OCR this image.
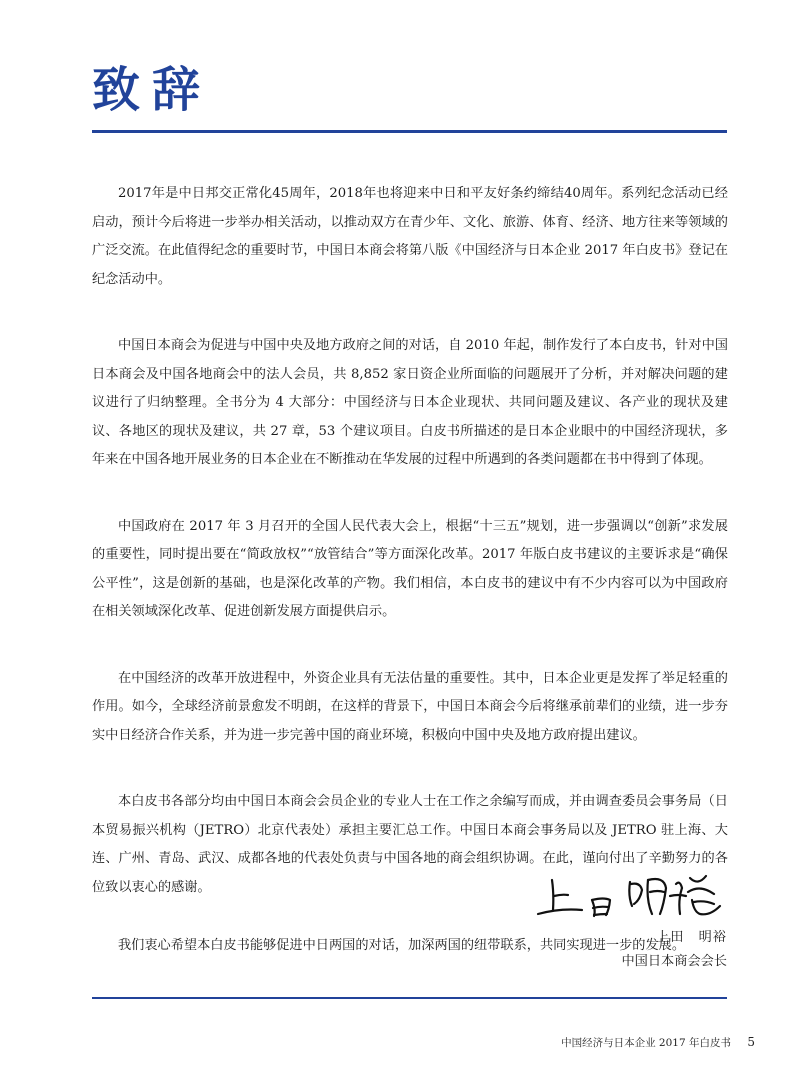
致辞

2017年是中日邦交正常化45周年，2018年也将迎来中日和平友好条约缔结40周年。系列纪念活动已经启动，预计今后将进一步举办相关活动，以推动双方在青少年、文化、旅游、体育、经济、地方往来等领域的广泛交流。在此值得纪念的重要时节，中国日本商会将第八版《中国经济与日本企业 2017 年白皮书》登记在纪念活动中。

中国日本商会为促进与中国中央及地方政府之间的对话，自 2010 年起，制作发行了本白皮书，针对中国日本商会及中国各地商会中的法人会员，共 8,852 家日资企业所面临的问题展开了分析，并对解决问题的建议进行了归纳整理。全书分为 4 大部分：中国经济与日本企业现状、共同问题及建议、各产业的现状及建议、各地区的现状及建议，共 27 章，53 个建议项目。白皮书所描述的是日本企业眼中的中国经济现状，多年来在中国各地开展业务的日本企业在不断推动在华发展的过程中所遇到的各类问题都在书中得到了体现。

中国政府在 2017 年 3 月召开的全国人民代表大会上，根据“十三五”规划，进一步强调以“创新”求发展的重要性，同时提出要在“简政放权”“放管结合”等方面深化改革。2017 年版白皮书建议的主要诉求是“确保公平性”，这是创新的基础，也是深化改革的产物。我们相信，本白皮书的建议中有不少内容可以为中国政府在相关领域深化改革、促进创新发展方面提供启示。

在中国经济的改革开放进程中，外资企业具有无法估量的重要性。其中，日本企业更是发挥了举足轻重的作用。如今，全球经济前景愈发不明朗，在这样的背景下，中国日本商会今后将继承前辈们的业绩，进一步夯实中日经济合作关系，并为进一步完善中国的商业环境，积极向中国中央及地方政府提出建议。

本白皮书各部分均由中国日本商会会员企业的专业人士在工作之余编写而成，并由调查委员会事务局（日本贸易振兴机构（JETRO）北京代表处）承担主要汇总工作。中国日本商会事务局以及 JETRO 驻上海、大连、广州、青岛、武汉、成都各地的代表处负责与中国各地的商会组织协调。在此，谨向付出了辛勤努力的各位致以衷心的感谢。

我们衷心希望本白皮书能够促进中日两国的对话，加深两国的纽带联系，共同实现进一步的发展。

上田　明裕
中国日本商会会长
中国经济与日本企业 2017 年白皮书 5
